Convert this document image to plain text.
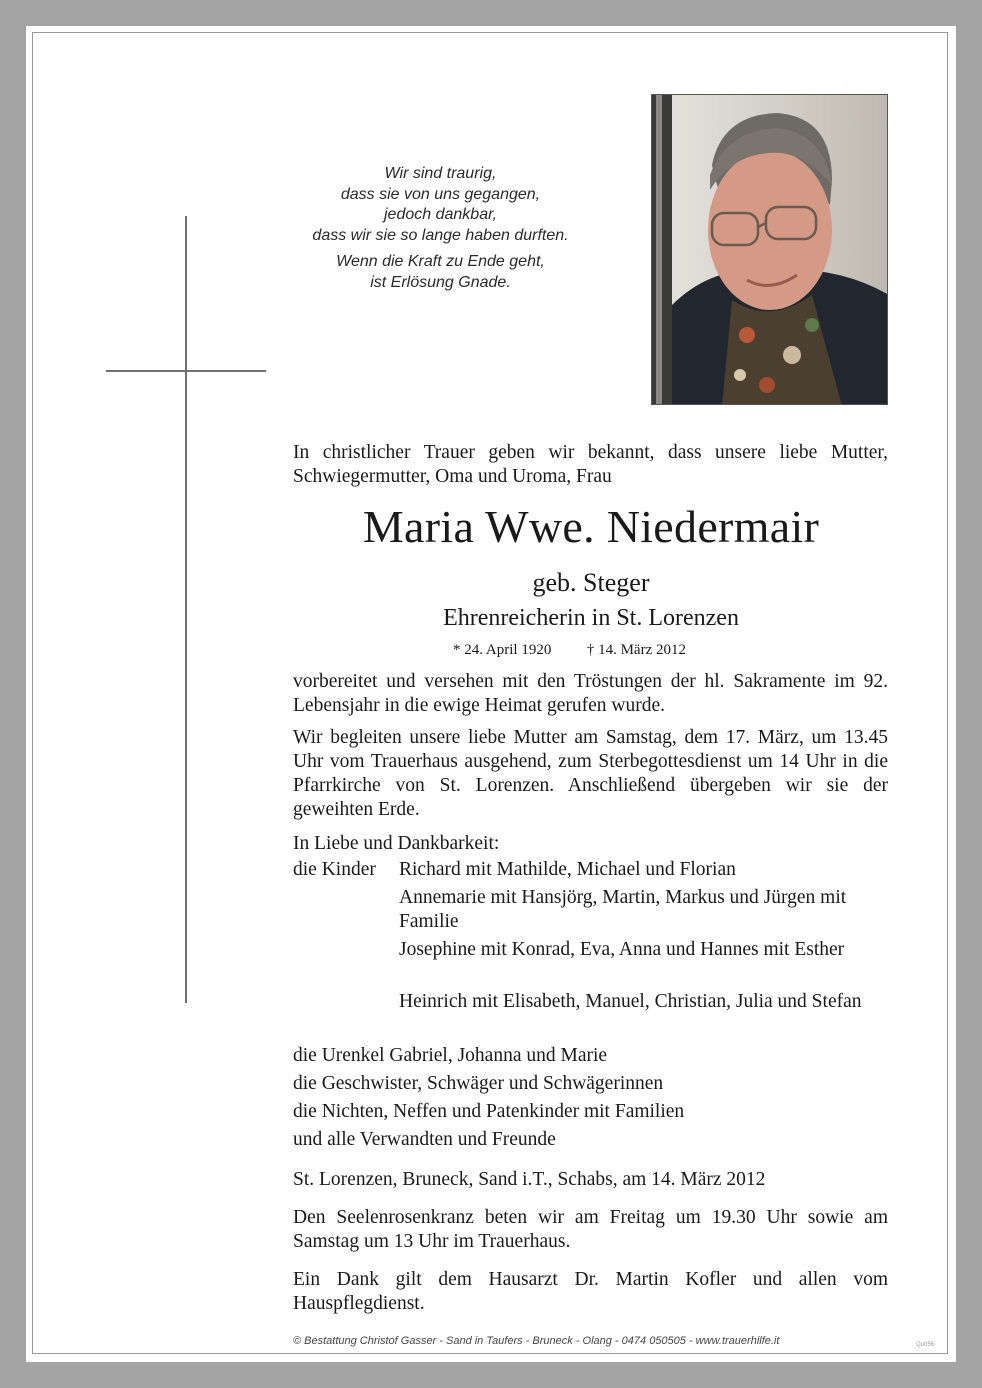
Wir sind traurig,
dass sie von uns gegangen,
jedoch dankbar,
dass wir sie so lange haben durften.

Wenn die Kraft zu Ende geht,
ist Erlösung Gnade.

In christlicher Trauer geben wir bekannt, dass unsere liebe Mutter, Schwiegermutter, Oma und Uroma, Frau

Maria Wwe. Niedermair
geb. Steger
Ehrenreicherin in St. Lorenzen
* 24. April 1920 † 14. März 2012

vorbereitet und versehen mit den Tröstungen der hl. Sakramente im 92. Lebensjahr in die ewige Heimat gerufen wurde.

Wir begleiten unsere liebe Mutter am Samstag, dem 17. März, um 13.45 Uhr vom Trauerhaus ausgehend, zum Sterbegottesdienst um 14 Uhr in die Pfarrkirche von St. Lorenzen. Anschließend übergeben wir sie der geweihten Erde.

In Liebe und Dankbarkeit:
die Kinder Richard mit Mathilde, Michael und Florian
Annemarie mit Hansjörg, Martin, Markus und Jürgen mit Familie
Josephine mit Konrad, Eva, Anna und Hannes mit Esther
Heinrich mit Elisabeth, Manuel, Christian, Julia und Stefan
die Urenkel Gabriel, Johanna und Marie
die Geschwister, Schwäger und Schwägerinnen
die Nichten, Neffen und Patenkinder mit Familien
und alle Verwandten und Freunde
St. Lorenzen, Bruneck, Sand i.T., Schabs, am 14. März 2012

Den Seelenrosenkranz beten wir am Freitag um 19.30 Uhr sowie am Samstag um 13 Uhr im Trauerhaus.

Ein Dank gilt dem Hausarzt Dr. Martin Kofler und allen vom Hauspflegdienst.

© Bestattung Christof Gasser - Sand in Taufers - Bruneck - Olang - 0474 050505 - www.trauerhilfe.it	Qu056
